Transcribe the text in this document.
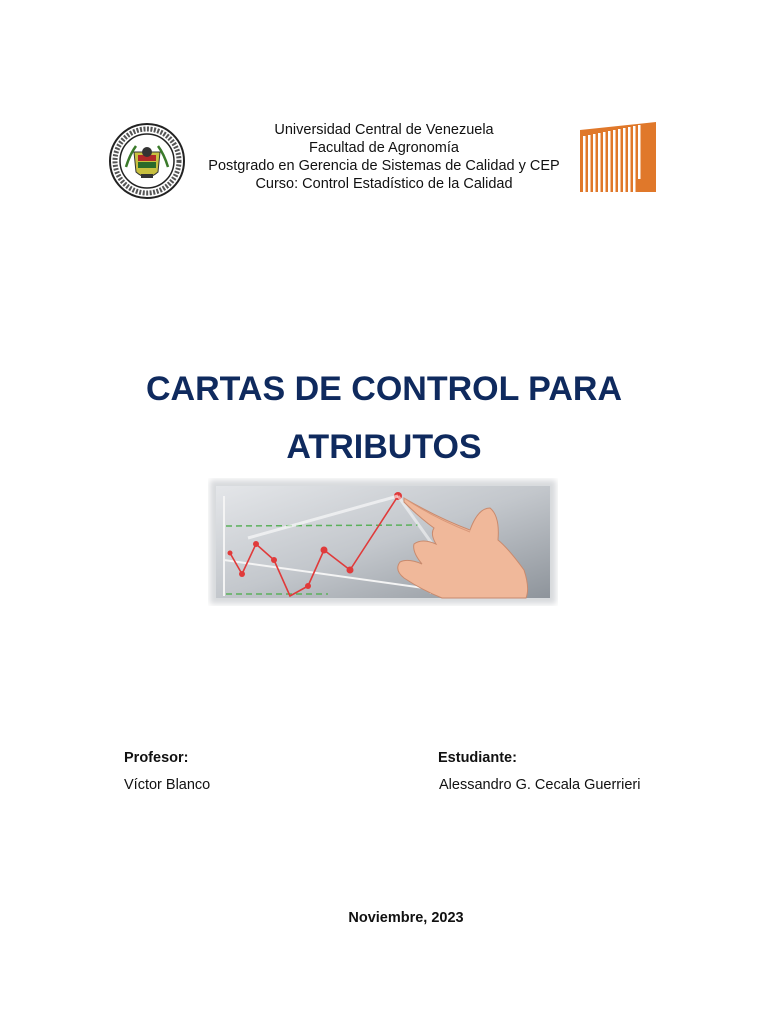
Universidad Central de Venezuela
Facultad de Agronomía
Postgrado en Gerencia de Sistemas de Calidad y CEP
Curso: Control Estadístico de la Calidad
CARTAS DE CONTROL PARA
ATRIBUTOS
Profesor:
Víctor Blanco
Estudiante:
Alessandro G. Cecala Guerrieri
Noviembre, 2023
